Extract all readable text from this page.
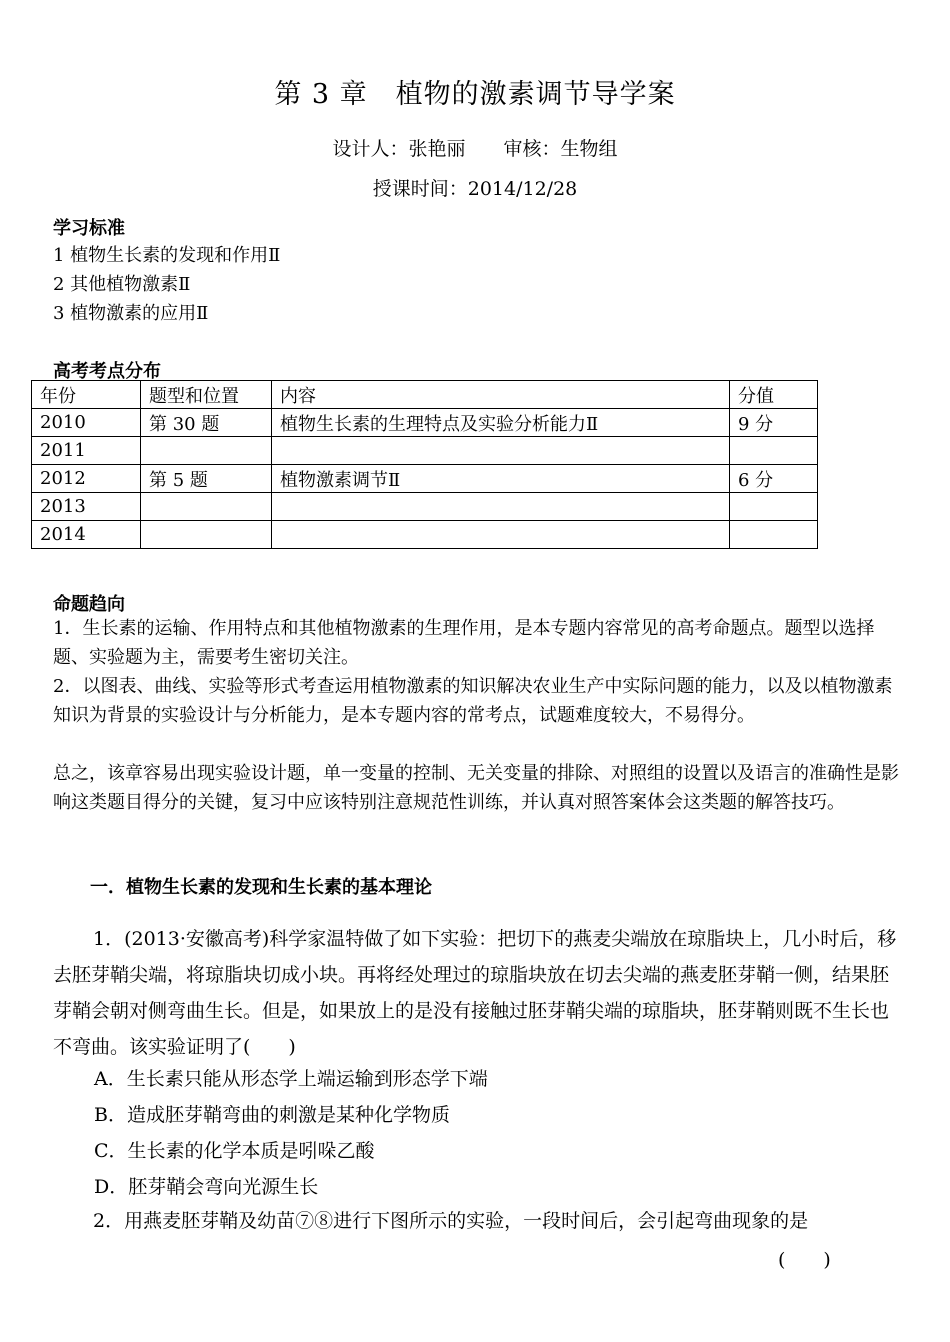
第 3 章　植物的激素调节导学案
设计人：张艳丽　　审核：生物组
授课时间：2014/12/28
学习标准
1 植物生长素的发现和作用Ⅱ
2 其他植物激素Ⅱ
3 植物激素的应用Ⅱ
高考考点分布
年份	题型和位置	内容	分值
2010	第 30 题	植物生长素的生理特点及实验分析能力Ⅱ	9 分
2011			
2012	第 5 题	植物激素调节Ⅱ	6 分
2013			
2014			
命题趋向
1．生长素的运输、作用特点和其他植物激素的生理作用，是本专题内容常见的高考命题点。题型以选择题、实验题为主，需要考生密切关注。
2．以图表、曲线、实验等形式考查运用植物激素的知识解决农业生产中实际问题的能力，以及以植物激素知识为背景的实验设计与分析能力，是本专题内容的常考点，试题难度较大，不易得分。
总之，该章容易出现实验设计题，单一变量的控制、无关变量的排除、对照组的设置以及语言的准确性是影响这类题目得分的关键，复习中应该特别注意规范性训练，并认真对照答案体会这类题的解答技巧。
一．植物生长素的发现和生长素的基本理论
1．(2013·安徽高考)科学家温特做了如下实验：把切下的燕麦尖端放在琼脂块上，几小时后，移去胚芽鞘尖端，将琼脂块切成小块。再将经处理过的琼脂块放在切去尖端的燕麦胚芽鞘一侧，结果胚芽鞘会朝对侧弯曲生长。但是，如果放上的是没有接触过胚芽鞘尖端的琼脂块，胚芽鞘则既不生长也不弯曲。该实验证明了(　　)
A．生长素只能从形态学上端运输到形态学下端
B．造成胚芽鞘弯曲的刺激是某种化学物质
C．生长素的化学本质是吲哚乙酸
D．胚芽鞘会弯向光源生长
2．用燕麦胚芽鞘及幼苗⑦⑧进行下图所示的实验，一段时间后，会引起弯曲现象的是
(　　)
